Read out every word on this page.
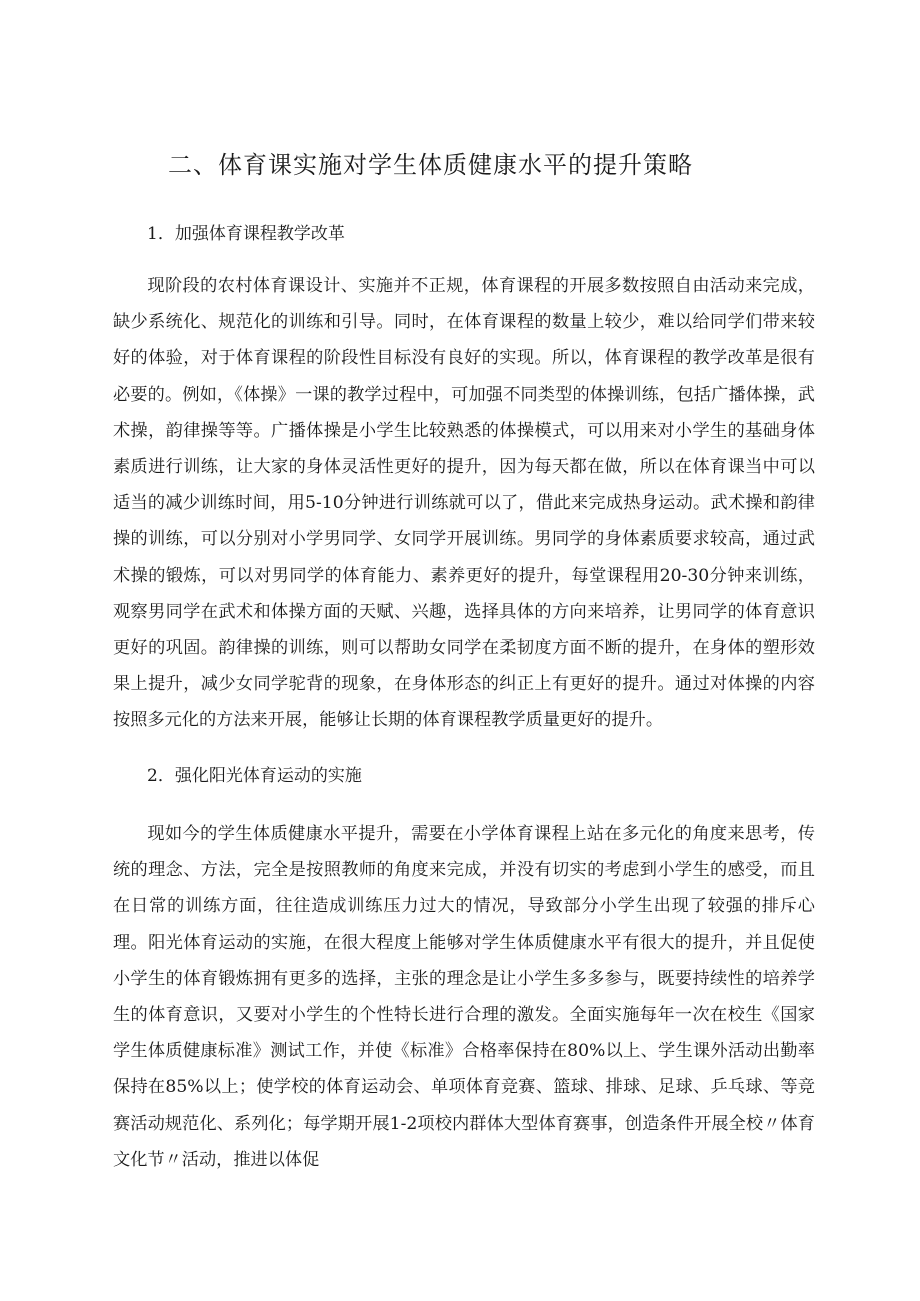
二、体育课实施对学生体质健康水平的提升策略
1．加强体育课程教学改革

现阶段的农村体育课设计、实施并不正规，体育课程的开展多数按照自由活动来完成，缺少系统化、规范化的训练和引导。同时，在体育课程的数量上较少，难以给同学们带来较好的体验，对于体育课程的阶段性目标没有良好的实现。所以，体育课程的教学改革是很有必要的。例如，《体操》一课的教学过程中，可加强不同类型的体操训练，包括广播体操，武术操，韵律操等等。广播体操是小学生比较熟悉的体操模式，可以用来对小学生的基础身体素质进行训练，让大家的身体灵活性更好的提升，因为每天都在做，所以在体育课当中可以适当的减少训练时间，用5-10分钟进行训练就可以了，借此来完成热身运动。武术操和韵律操的训练，可以分别对小学男同学、女同学开展训练。男同学的身体素质要求较高，通过武术操的锻炼，可以对男同学的体育能力、素养更好的提升，每堂课程用20-30分钟来训练，观察男同学在武术和体操方面的天赋、兴趣，选择具体的方向来培养，让男同学的体育意识更好的巩固。韵律操的训练，则可以帮助女同学在柔韧度方面不断的提升，在身体的塑形效果上提升，减少女同学驼背的现象，在身体形态的纠正上有更好的提升。通过对体操的内容按照多元化的方法来开展，能够让长期的体育课程教学质量更好的提升。

2．强化阳光体育运动的实施

现如今的学生体质健康水平提升，需要在小学体育课程上站在多元化的角度来思考，传统的理念、方法，完全是按照教师的角度来完成，并没有切实的考虑到小学生的感受，而且在日常的训练方面，往往造成训练压力过大的情况，导致部分小学生出现了较强的排斥心理。阳光体育运动的实施，在很大程度上能够对学生体质健康水平有很大的提升，并且促使小学生的体育锻炼拥有更多的选择，主张的理念是让小学生多多参与，既要持续性的培养学生的体育意识，又要对小学生的个性特长进行合理的激发。全面实施每年一次在校生《国家学生体质健康标准》测试工作，并使《标准》合格率保持在80%以上、学生课外活动出勤率保持在85%以上；使学校的体育运动会、单项体育竞赛、篮球、排球、足球、乒乓球、等竞赛活动规范化、系列化；每学期开展1-2项校内群体大型体育赛事，创造条件开展全校〃体育文化节〃活动，推进以体促
